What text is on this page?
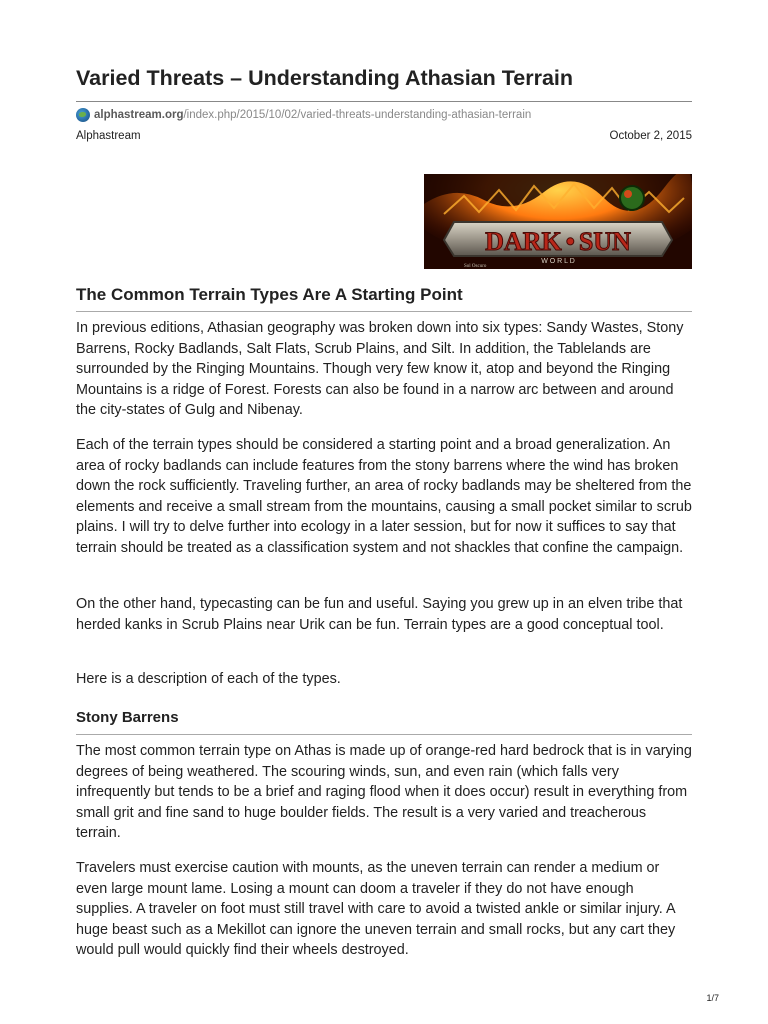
Varied Threats – Understanding Athasian Terrain
alphastream.org /index.php/2015/10/02/varied-threats-understanding-athasian-terrain
Alphastream	October 2, 2015
DARK • SUN
W O R L D
Sol Oscuro
The Common Terrain Types Are A Starting Point

In previous editions, Athasian geography was broken down into six types: Sandy Wastes, Stony Barrens, Rocky Badlands, Salt Flats, Scrub Plains, and Silt. In addition, the Tablelands are surrounded by the Ringing Mountains. Though very few know it, atop and beyond the Ringing Mountains is a ridge of Forest. Forests can also be found in a narrow arc between and around the city-states of Gulg and Nibenay.

Each of the terrain types should be considered a starting point and a broad generalization. An area of rocky badlands can include features from the stony barrens where the wind has broken down the rock sufficiently. Traveling further, an area of rocky badlands may be sheltered from the elements and receive a small stream from the mountains, causing a small pocket similar to scrub plains. I will try to delve further into ecology in a later session, but for now it suffices to say that terrain should be treated as a classification system and not shackles that confine the campaign.

On the other hand, typecasting can be fun and useful. Saying you grew up in an elven tribe that herded kanks in Scrub Plains near Urik can be fun. Terrain types are a good conceptual tool.

Here is a description of each of the types.

Stony Barrens

The most common terrain type on Athas is made up of orange-red hard bedrock that is in varying degrees of being weathered. The scouring winds, sun, and even rain (which falls very infrequently but tends to be a brief and raging flood when it does occur) result in everything from small grit and fine sand to huge boulder fields. The result is a very varied and treacherous terrain.

Travelers must exercise caution with mounts, as the uneven terrain can render a medium or even large mount lame. Losing a mount can doom a traveler if they do not have enough supplies. A traveler on foot must still travel with care to avoid a twisted ankle or similar injury. A huge beast such as a Mekillot can ignore the uneven terrain and small rocks, but any cart they would pull would quickly find their wheels destroyed.

1/7
